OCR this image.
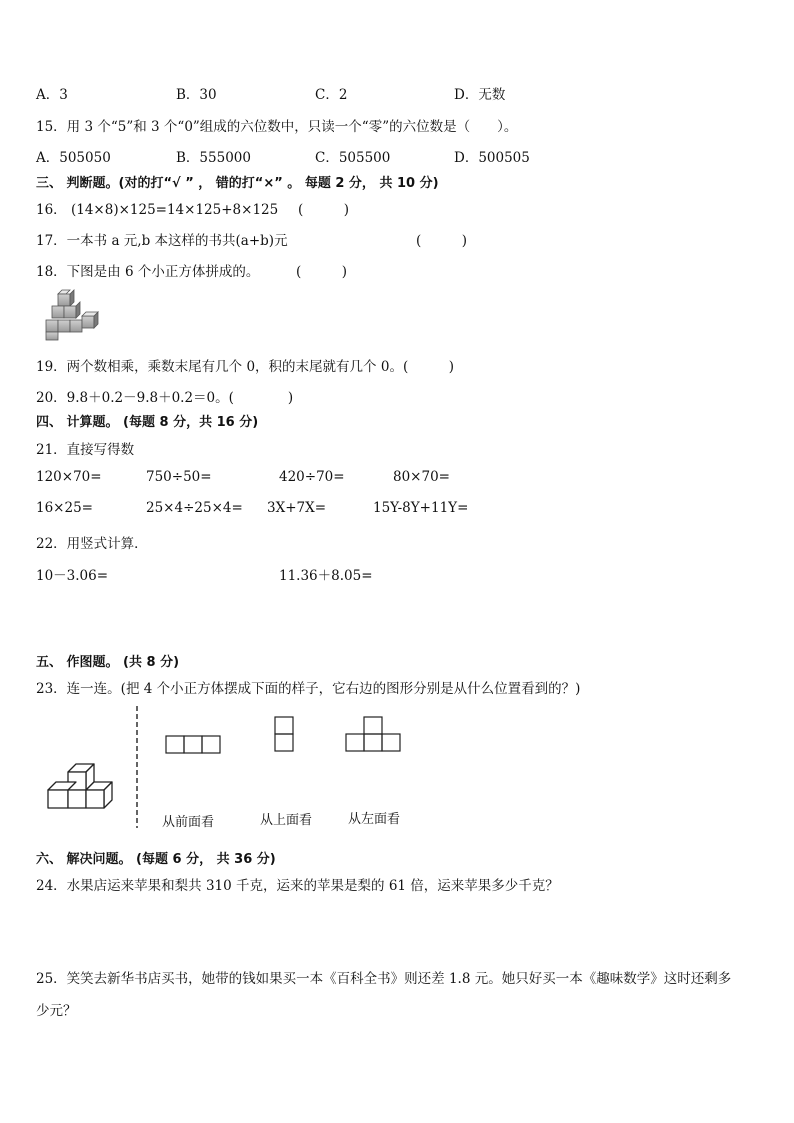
A．3	B．30	C．2	D．无数
15．用 3 个“5”和 3 个“0”组成的六位数中，只读一个“零”的六位数是（　　）。
A．505050	B．555000	C．505500	D．500505
三、 判断题。(对的打“√ ” ， 错的打“×” 。 每题 2 分， 共 10 分)
16． (14×8)×125=14×125+8×125 (　　　)
17．一本书 a 元,b 本这样的书共(a+b)元	(　　　)
18．下图是由 6 个小正方体拼成的。	(　　　)
19．两个数相乘，乘数末尾有几个 0，积的末尾就有几个 0。(　　　)
20．9.8＋0.2－9.8＋0.2＝0。(　　　　)
四、 计算题。 (每题 8 分，共 16 分)
21．直接写得数
120×70=	750÷50=	420÷70=	80×70=
16×25=	25×4÷25×4= 3X+7X=	15Y-8Y+11Y=
22．用竖式计算．
10－3.06=	11.36＋8.05=
五、 作图题。 (共 8 分)
23．连一连。(把 4 个小正方体摆成下面的样子，它右边的图形分别是从什么位置看到的？)
从前面看	从上面看	从左面看
六、 解决问题。 (每题 6 分， 共 36 分)
24．水果店运来苹果和梨共 310 千克，运来的苹果是梨的 61 倍，运来苹果多少千克？
25．笑笑去新华书店买书，她带的钱如果买一本《百科全书》则还差 1.8 元。她只好买一本《趣味数学》这时还剩多
少元？
